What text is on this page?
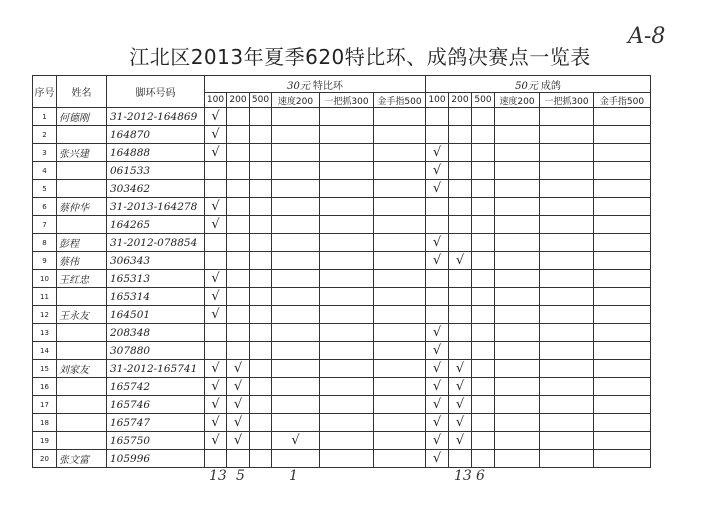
A-8
江北区2013年夏季620特比环、成鸽决赛点一览表
序号	姓名	脚环号码	30元 特比环						50元 成鸽					
			100	200	500	速度200	一把抓300	金手指500	100	200	500	速度200	一把抓300	金手指500
1	何德刚	31-2012-164869	√											
2		164870	√											
3	张兴建	164888	√						√					
4		061533							√					
5		303462							√					
6	蔡仲华	31-2013-164278	√											
7		164265	√											
8	彭程	31-2012-078854							√					
9	蔡伟	306343							√	√				
10	王红忠	165313	√											
11		165314	√											
12	王永友	164501	√											
13		208348							√					
14		307880							√					
15	刘家友	31-2012-165741	√	√					√	√				
16		165742	√	√					√	√				
17		165746	√	√					√	√				
18		165747	√	√					√	√				
19		165750	√	√		√			√	√				
20	张文富	105996							√					
13 5	1	13 6
